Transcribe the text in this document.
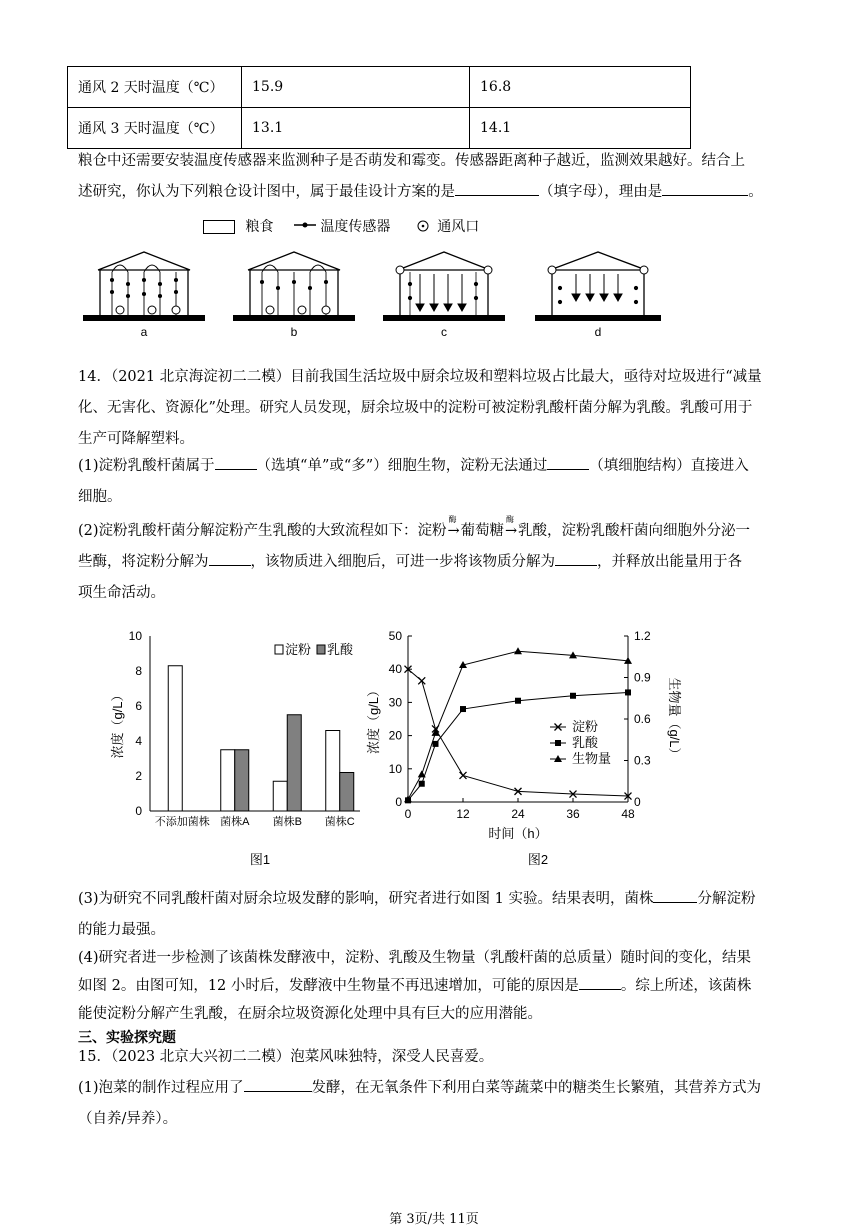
通风 2 天时温度（℃）	15.9	16.8
通风 3 天时温度（℃）	13.1	14.1
粮仓中还需要安装温度传感器来监测种子是否萌发和霉变。传感器距离种子越近，监测效果越好。结合上
述研究，你认为下列粮仓设计图中，属于最佳设计方案的是	（填字母），理由是	。
粮食	温度传感器	通风口
a	b	c	d
14．（2021 北京海淀初二二模）目前我国生活垃圾中厨余垃圾和塑料垃圾占比最大，亟待对垃圾进行“减量
化、无害化、资源化”处理。研究人员发现，厨余垃圾中的淀粉可被淀粉乳酸杆菌分解为乳酸。乳酸可用于
生产可降解塑料。
(1)淀粉乳酸杆菌属于	（选填“单”或“多”）细胞生物，淀粉无法通过	（填细胞结构）直接进入
细胞。
(2)淀粉乳酸杆菌分解淀粉产生乳酸的大致流程如下：淀粉
酶
→葡萄糖
酶
→乳酸，淀粉乳酸杆菌向细胞外分泌一
些酶，将淀粉分解为	，该物质进入细胞后，可进一步将该物质分解为	，并释放出能量用于各
项生命活动。
0
2
4
6
8
10
浓度（g/L）
不添加菌株 菌株A 菌株B 菌株C
淀粉 乳酸
图1
0
10
20
30
40
50
0
0.3
0.6
0.9
1.2
0	12	24	36	48
浓度（g/L）	生物量（g/L）
时间（h）
淀粉
乳酸
生物量
图2
(3)为研究不同乳酸杆菌对厨余垃圾发酵的影响，研究者进行如图 1 实验。结果表明，菌株	分解淀粉
的能力最强。
(4)研究者进一步检测了该菌株发酵液中，淀粉、乳酸及生物量（乳酸杆菌的总质量）随时间的变化，结果
如图 2。由图可知，12 小时后，发酵液中生物量不再迅速增加，可能的原因是	。综上所述，该菌株
能使淀粉分解产生乳酸，在厨余垃圾资源化处理中具有巨大的应用潜能。
三、实验探究题
15．（2023 北京大兴初二二模）泡菜风味独特，深受人民喜爱。
(1)泡菜的制作过程应用了	发酵，在无氧条件下利用白菜等蔬菜中的糖类生长繁殖，其营养方式为
（自养/异养）。
第 3页/共 11页
